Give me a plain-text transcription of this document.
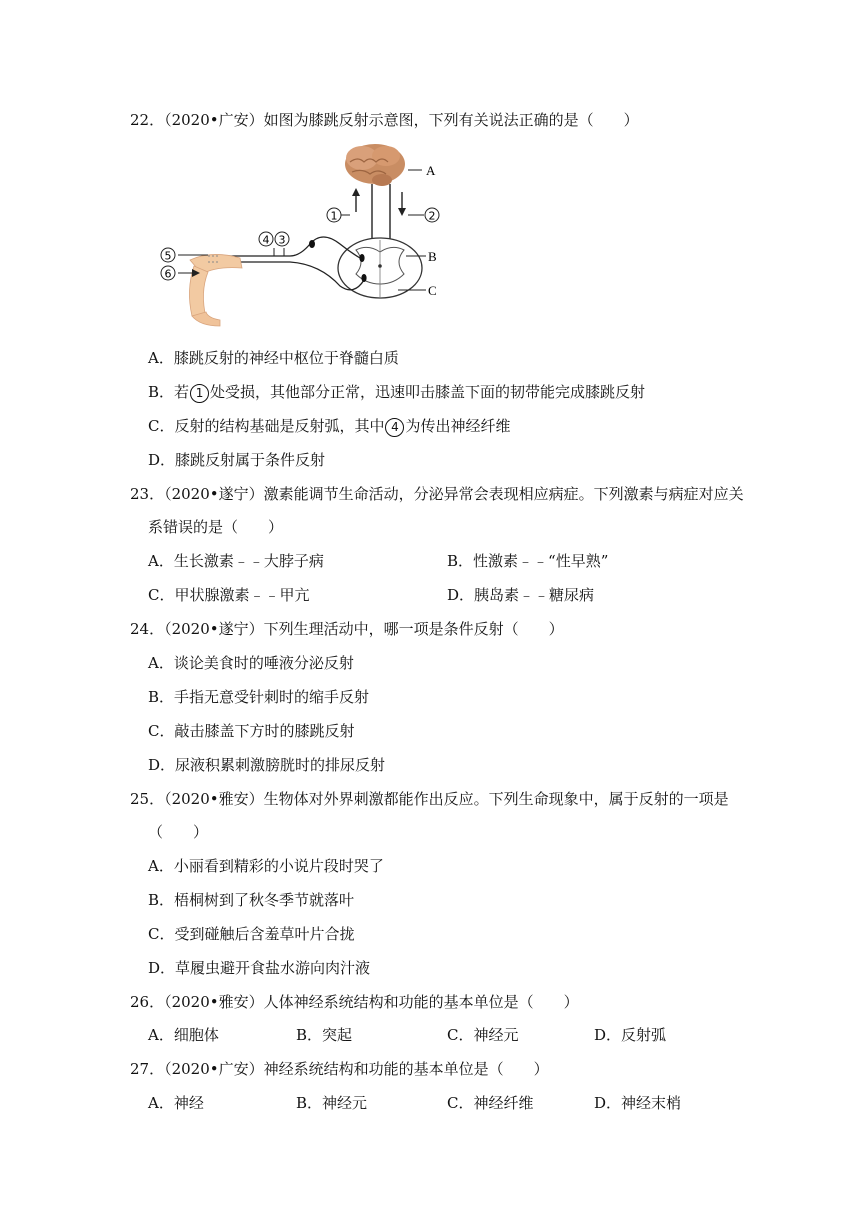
22．（2020•广安）如图为膝跳反射示意图，下列有关说法正确的是（　　）
A
1	2
B
C
4 3
5
6
A．膝跳反射的神经中枢位于脊髓白质
B．若 1 处受损，其他部分正常，迅速叩击膝盖下面的韧带能完成膝跳反射
C．反射的结构基础是反射弧，其中 4 为传出神经纤维
D．膝跳反射属于条件反射
23．（2020•遂宁）激素能调节生命活动，分泌异常会表现相应病症。下列激素与病症对应关
系错误的是（　　）
A．生长激素﹣﹣大脖子病	B．性激素﹣﹣“性早熟”
C．甲状腺激素﹣﹣甲亢	D．胰岛素﹣﹣糖尿病
24．（2020•遂宁）下列生理活动中，哪一项是条件反射（　　）
A．谈论美食时的唾液分泌反射
B．手指无意受针刺时的缩手反射
C．敲击膝盖下方时的膝跳反射
D．尿液积累刺激膀胱时的排尿反射
25．（2020•雅安）生物体对外界刺激都能作出反应。下列生命现象中，属于反射的一项是
（　　）
A．小丽看到精彩的小说片段时哭了
B．梧桐树到了秋冬季节就落叶
C．受到碰触后含羞草叶片合拢
D．草履虫避开食盐水游向肉汁液
26．（2020•雅安）人体神经系统结构和功能的基本单位是（　　）
A．细胞体	B．突起	C．神经元	D．反射弧
27．（2020•广安）神经系统结构和功能的基本单位是（　　）
A．神经	B．神经元	C．神经纤维	D．神经末梢
